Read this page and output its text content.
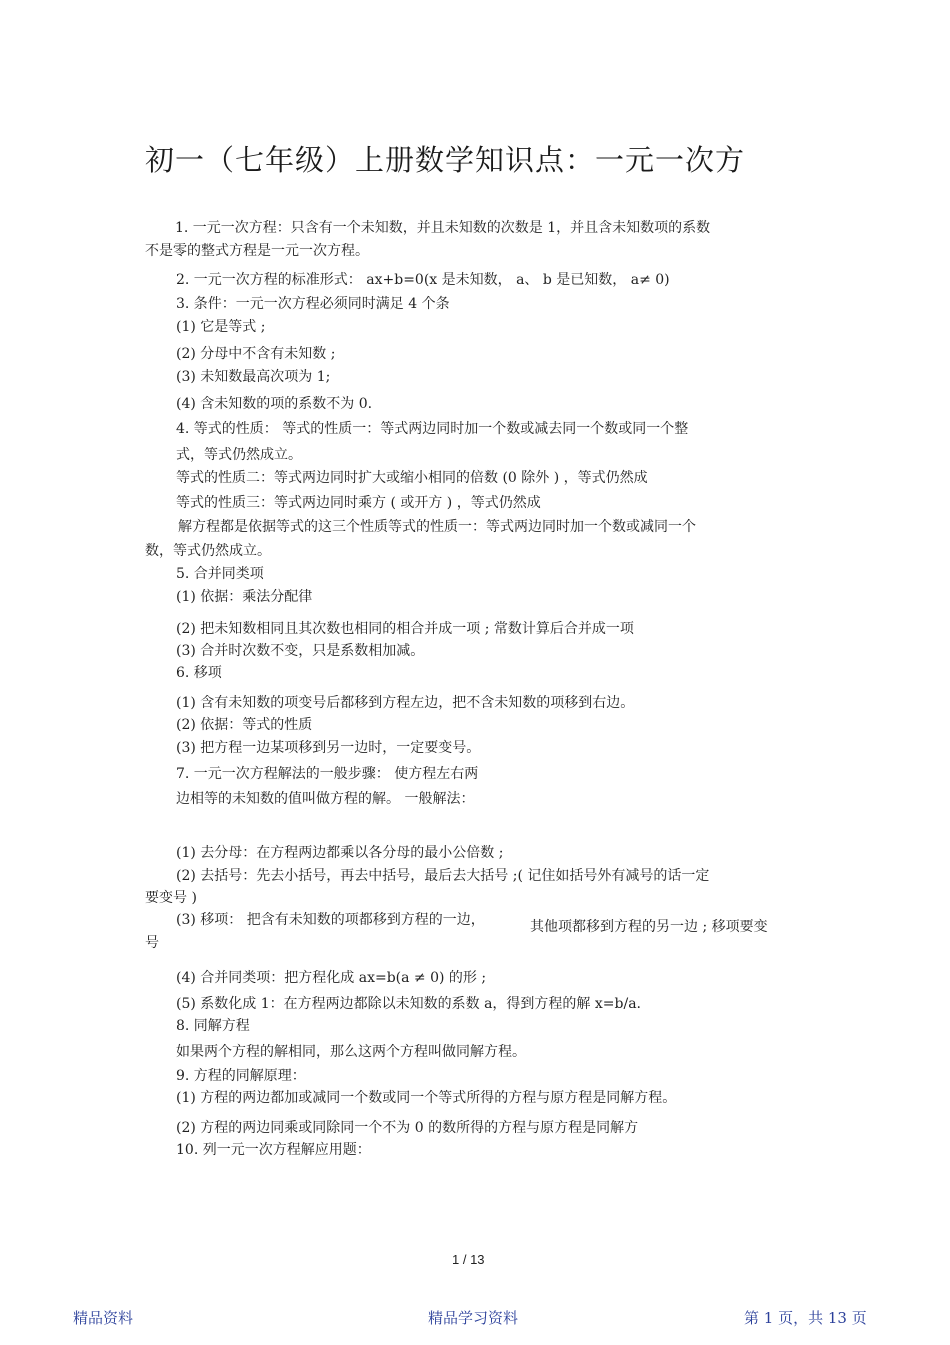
初一（七年级）上册数学知识点：一元一次方
1. 一元一次方程：只含有一个未知数，并且未知数的次数是 1，并且含未知数项的系数
不是零的整式方程是一元一次方程。
2. 一元一次方程的标准形式： ax+b=0(x 是未知数， a、 b 是已知数， a≠ 0)
3. 条件：一元一次方程必须同时满足 4 个条
(1) 它是等式 ;
(2) 分母中不含有未知数 ;
(3) 未知数最高次项为 1;
(4) 含未知数的项的系数不为 0.
4. 等式的性质： 等式的性质一：等式两边同时加一个数或减去同一个数或同一个整
式，等式仍然成立。
等式的性质二：等式两边同时扩大或缩小相同的倍数 (0 除外 ) ，等式仍然成
等式的性质三：等式两边同时乘方 ( 或开方 ) ，等式仍然成
解方程都是依据等式的这三个性质等式的性质一：等式两边同时加一个数或减同一个
数，等式仍然成立。
5. 合并同类项
(1) 依据：乘法分配律
(2) 把未知数相同且其次数也相同的相合并成一项 ; 常数计算后合并成一项
(3) 合并时次数不变，只是系数相加减。
6. 移项
(1) 含有未知数的项变号后都移到方程左边，把不含未知数的项移到右边。
(2) 依据：等式的性质
(3) 把方程一边某项移到另一边时，一定要变号。
7. 一元一次方程解法的一般步骤： 使方程左右两
边相等的未知数的值叫做方程的解。 一般解法：
(1) 去分母：在方程两边都乘以各分母的最小公倍数 ;
(2) 去括号：先去小括号，再去中括号，最后去大括号 ;( 记住如括号外有减号的话一定
要变号 )
(3) 移项： 把含有未知数的项都移到方程的一边，	其他项都移到方程的另一边 ; 移项要变
号
(4) 合并同类项：把方程化成 ax=b(a ≠ 0) 的形 ;
(5) 系数化成 1：在方程两边都除以未知数的系数 a，得到方程的解 x=b/a.
8. 同解方程
如果两个方程的解相同，那么这两个方程叫做同解方程。
9. 方程的同解原理：
(1) 方程的两边都加或减同一个数或同一个等式所得的方程与原方程是同解方程。
(2) 方程的两边同乘或同除同一个不为 0 的数所得的方程与原方程是同解方
10. 列一元一次方程解应用题：
1 / 13
精品资料	精品学习资料	第 1 页，共 13 页
